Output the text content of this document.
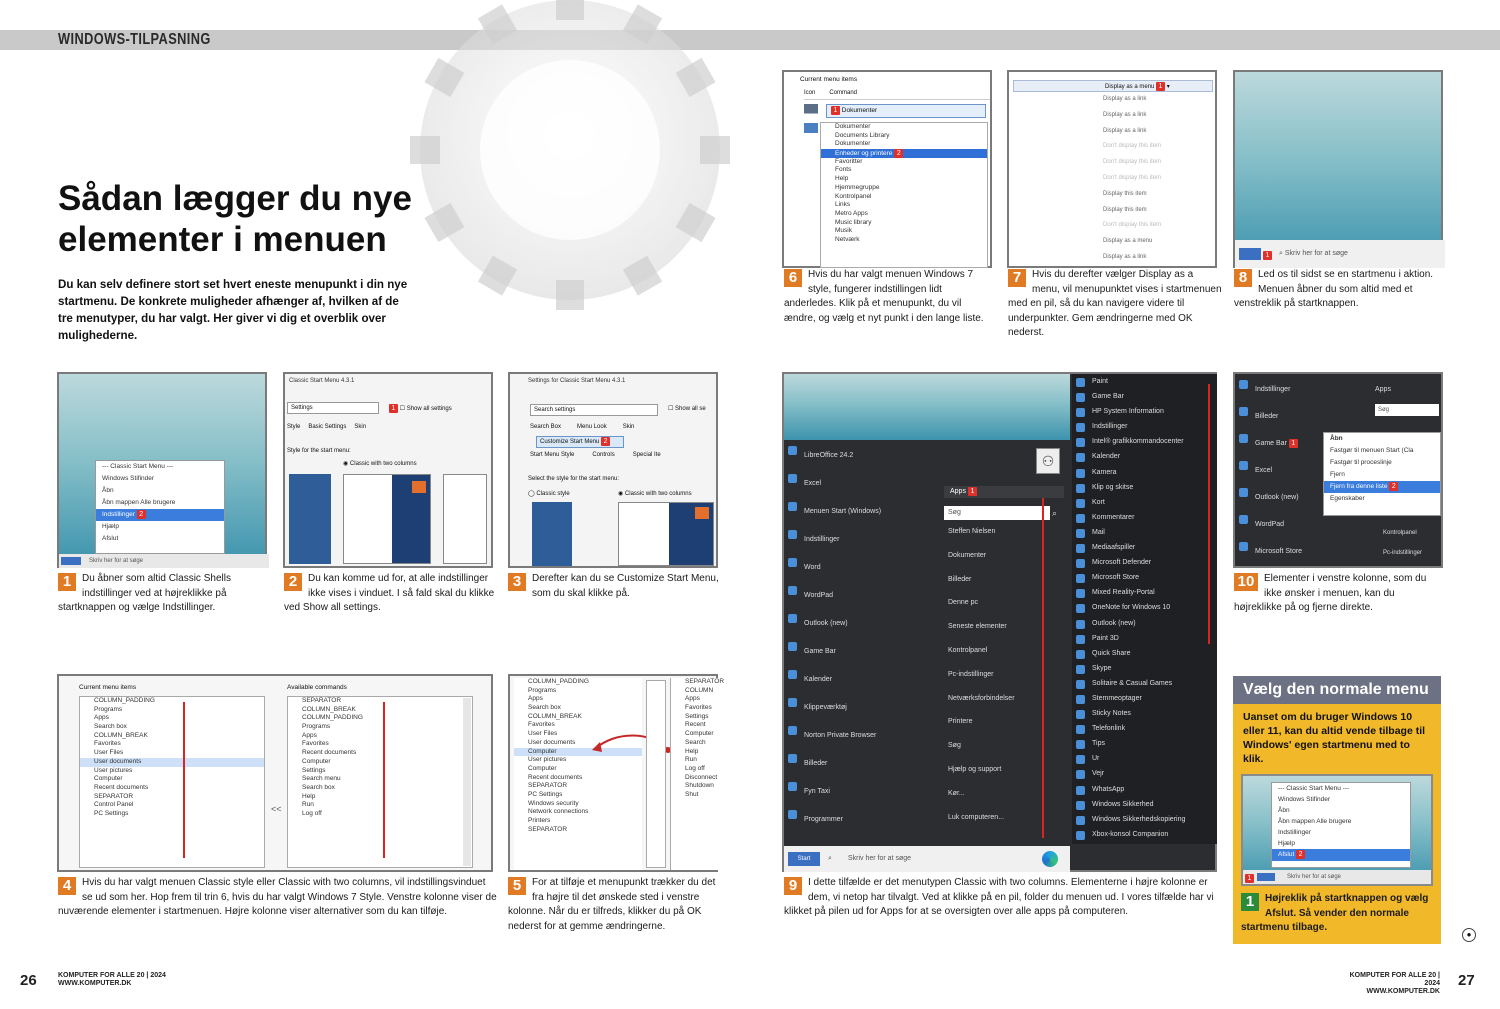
WINDOWS-TILPASNING
Sådan lægger du nye
elementer i menuen
Du kan selv definere stort set hvert eneste menupunkt i din nye startmenu. De konkrete muligheder afhænger af, hvilken af de tre menutyper, du har valgt. Her giver vi dig et overblik over mulighederne.
--- Classic Start Menu ---
Windows Stifinder
Åbn
Åbn mappen Alle brugere
Indstillinger 2
Hjælp
Afslut
Skriv her for at søge
1	Du åbner som altid Classic Shells indstillinger ved at højreklikke på startknappen og vælge Indstillinger.
Classic Start Menu 4.3.1
Settings	1 ☐ Show all settings
Style Basic Settings Skin
Style for the start menu:
◉ Classic with two columns
2	Du kan komme ud for, at alle indstillinger ikke vises i vinduet. I så fald skal du klikke ved Show all settings.
Settings for Classic Start Menu 4.3.1
Search settings	☐ Show all se
Search Box	Menu Look	Skin
Customize Start Menu 2
Start Menu Style	Controls	Special Ite
Select the style for the start menu:
◯ Classic style	◉ Classic with two columns
3	Derefter kan du se Customize Start Menu, som du skal klikke på.
Current menu items	Available commands
COLUMN_PADDING
Programs
Apps
Search box
COLUMN_BREAK
Favorites
User Files
User documents
User pictures
Computer
Recent documents
SEPARATOR
Control Panel
PC Settings	<<
SEPARATOR
COLUMN_BREAK
COLUMN_PADDING
Programs
Apps
Favorites
Recent documents
Computer
Settings
Search menu
Search box
Help
Run
Log off
4	Hvis du har valgt menuen Classic style eller Classic with two columns, vil indstillingsvinduet se ud som her. Hop frem til trin 6, hvis du har valgt Windows 7 Style. Venstre kolonne viser de nuværende elementer i startmenuen. Højre kolonne viser alternativer som du kan tilføje.
COLUMN_PADDING
Programs
Apps
Search box
COLUMN_BREAK
Favorites
User Files
User documents
Computer
User pictures
Computer
Recent documents
SEPARATOR
PC Settings
Windows security
Network connections
Printers
SEPARATOR
SEPARATOR
COLUMN
Apps
Favorites
Settings
Recent
Computer
Search
Help
Run
Log off
Disconnect
Shutdown
Shut
5	For at tilføje et menupunkt trækker du det fra højre til det ønskede sted i venstre kolonne. Når du er tilfreds, klikker du på OK nederst for at gemme ændringerne.
Current menu items
Icon Command
1 Dokumenter
Dokumenter
Documents Library
Dokumenter
Enheder og printere 2
Favoritter
Fonts
Help
Hjemmegruppe
Kontrolpanel
Links
Metro Apps
Music library
Musik
Netværk
6	Hvis du har valgt menuen Windows 7 style, fungerer indstillingen lidt anderledes. Klik på et menupunkt, du vil ændre, og vælg et nyt punkt i den lange liste.
Display as a menu 1 ▾
Display as a link
Display as a link
Display as a link
Don't display this item
Don't display this item
Don't display this item
Display this item
Display this item
Don't display this item
Display as a menu
Display as a link
7	Hvis du derefter vælger Display as a menu, vil menupunktet vises i startmenuen med en pil, så du kan navigere videre til underpunkter. Gem ændringerne med OK nederst.
1	⌕ Skriv her for at søge
8	Led os til sidst se en startmenu i aktion. Menuen åbner du som altid med et venstreklik på startknappen.
LibreOffice 24.2
Excel
Menuen Start (Windows)
Indstillinger
Word
WordPad
Outlook (new)
Game Bar
Kalender
Klippeværktøj
Norton Private Browser
Billeder
Fyn Taxi
Programmer
⚇
Apps 1
Søg	⌕
Steffen Nielsen
Dokumenter
Billeder
Denne pc
Seneste elementer
Kontrolpanel
Pc-indstillinger
Netværksforbindelser
Printere
Søg
Hjælp og support
Kør...
Luk computeren...
Paint
Game Bar
HP System Information
Indstillinger
Intel® grafikkommandocenter
Kalender
Kamera
Klip og skitse
Kort
Kommentarer
Mail
Mediaafspiller
Microsoft Defender
Microsoft Store
Mixed Reality-Portal
OneNote for Windows 10
Outlook (new)
Paint 3D
Quick Share
Skype
Solitaire & Casual Games
Stemmeoptager
Sticky Notes
Telefonlink
Tips
Ur
Vejr
WhatsApp
Windows Sikkerhed
Windows Sikkerhedskopiering
Xbox-konsol Companion
Start	⌕ Skriv her for at søge
9	I dette tilfælde er det menutypen Classic with two columns. Elementerne i højre kolonne er dem, vi netop har tilvalgt. Ved at klikke på en pil, folder du menuen ud. I vores tilfælde har vi klikket på pilen ud for Apps for at se oversigten over alle apps på computeren.
Indstillinger
Billeder
Game Bar 1
Excel
Outlook (new)
WordPad
Microsoft Store
Apps
Søg
Åbn
Fastgør til menuen Start (Cla
Fastgør til proceslinje
Fjern
Fjern fra denne liste 2
Egenskaber
Kontrolpanel
Pc-indstillinger
10 Elementer i venstre kolonne, som du ikke ønsker i menuen, kan du højreklikke på og fjerne direkte.
Vælg den normale menu
Uanset om du bruger Windows 10 eller 11, kan du altid vende tilbage til Windows' egen startmenu med to klik.
--- Classic Start Menu ---
Windows Stifinder
Åbn
Åbn mappen Alle brugere
Indstillinger
Hjælp
Afslut 2
1	Skriv her for at søge
1	Højreklik på startknappen og vælg Afslut. Så vender den normale startmenu tilbage.
●
26	KOMPUTER FOR ALLE 20 | 2024
WWW.KOMPUTER.DK
KOMPUTER FOR ALLE 20 | 2024
WWW.KOMPUTER.DK
27
